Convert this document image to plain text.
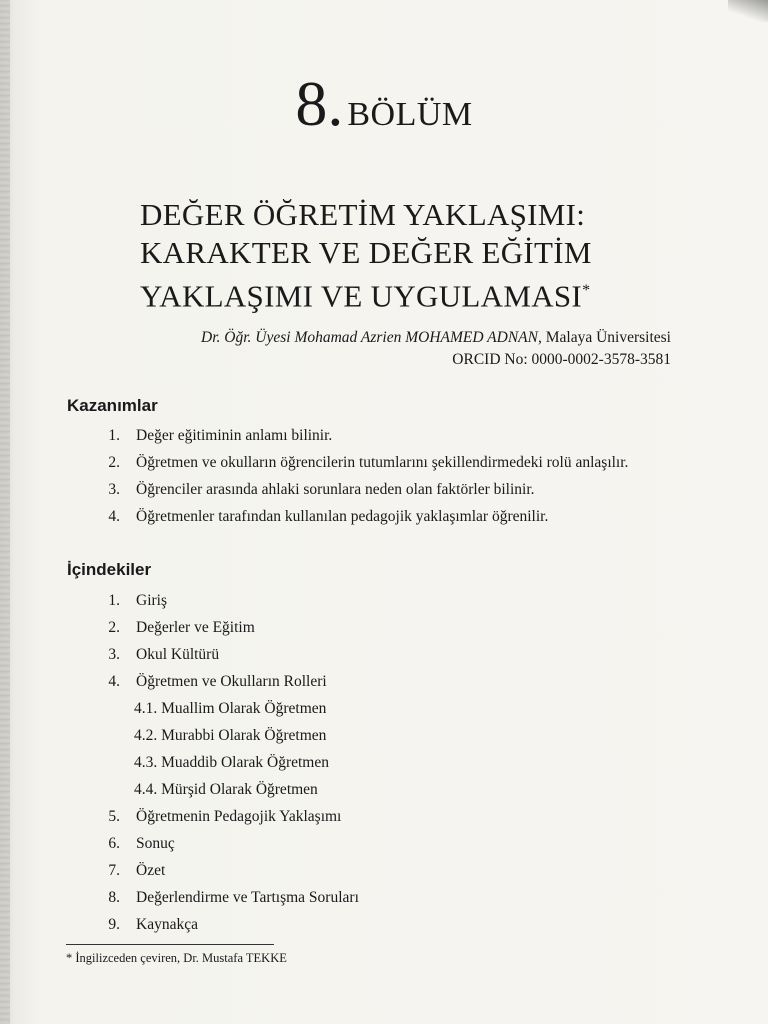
8. BÖLÜM
DEĞER ÖĞRETİM YAKLAŞIMI:
KARAKTER VE DEĞER EĞİTİM
YAKLAŞIMI VE UYGULAMASI*
Dr. Öğr. Üyesi Mohamad Azrien MOHAMED ADNAN, Malaya Üniversitesi
ORCID No: 0000-0002-3578-3581
Kazanımlar
1. Değer eğitiminin anlamı bilinir.
2. Öğretmen ve okulların öğrencilerin tutumlarını şekillendirmedeki rolü anlaşılır.
3. Öğrenciler arasında ahlaki sorunlara neden olan faktörler bilinir.
4. Öğretmenler tarafından kullanılan pedagojik yaklaşımlar öğrenilir.
İçindekiler
1. Giriş
2. Değerler ve Eğitim
3. Okul Kültürü
4. Öğretmen ve Okulların Rolleri
4.1. Muallim Olarak Öğretmen
4.2. Murabbi Olarak Öğretmen
4.3. Muaddib Olarak Öğretmen
4.4. Mürşid Olarak Öğretmen
5. Öğretmenin Pedagojik Yaklaşımı
6. Sonuç
7. Özet
8. Değerlendirme ve Tartışma Soruları
9. Kaynakça
* İngilizceden çeviren, Dr. Mustafa TEKKE
